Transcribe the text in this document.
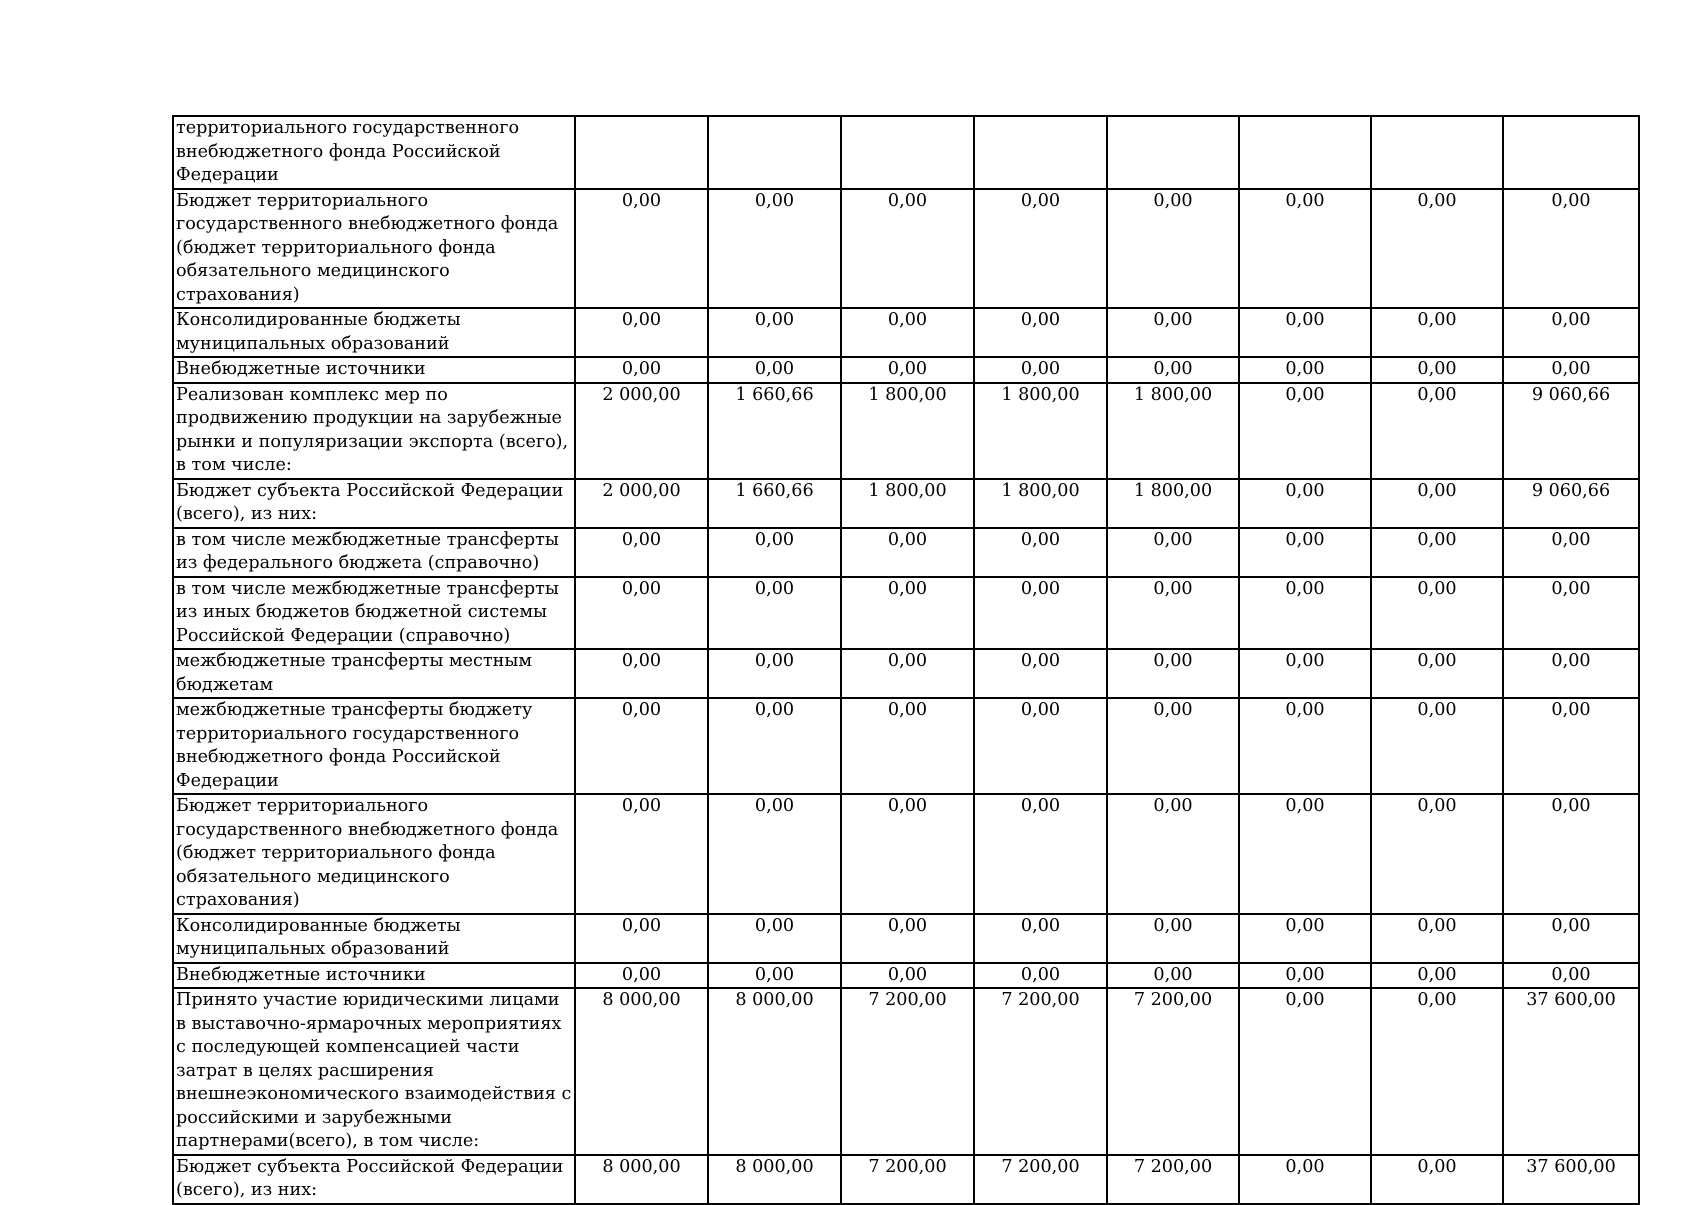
территориального государственного внебюджетного фонда Российской Федерации								
Бюджет территориального государственного внебюджетного фонда (бюджет территориального фонда обязательного медицинского страхования)	0,00	0,00	0,00	0,00	0,00	0,00	0,00	0,00
Консолидированные бюджеты муниципальных образований	0,00	0,00	0,00	0,00	0,00	0,00	0,00	0,00
Внебюджетные источники	0,00	0,00	0,00	0,00	0,00	0,00	0,00	0,00
Реализован комплекс мер по продвижению продукции на зарубежные рынки и популяризации экспорта (всего), в том числе:	2 000,00	1 660,66	1 800,00	1 800,00	1 800,00	0,00	0,00	9 060,66
Бюджет субъекта Российской Федерации (всего), из них:	2 000,00	1 660,66	1 800,00	1 800,00	1 800,00	0,00	0,00	9 060,66
в том числе межбюджетные трансферты из федерального бюджета (справочно)	0,00	0,00	0,00	0,00	0,00	0,00	0,00	0,00
в том числе межбюджетные трансферты из иных бюджетов бюджетной системы Российской Федерации (справочно)	0,00	0,00	0,00	0,00	0,00	0,00	0,00	0,00
межбюджетные трансферты местным бюджетам	0,00	0,00	0,00	0,00	0,00	0,00	0,00	0,00
межбюджетные трансферты бюджету территориального государственного внебюджетного фонда Российской Федерации	0,00	0,00	0,00	0,00	0,00	0,00	0,00	0,00
Бюджет территориального государственного внебюджетного фонда (бюджет территориального фонда обязательного медицинского страхования)	0,00	0,00	0,00	0,00	0,00	0,00	0,00	0,00
Консолидированные бюджеты муниципальных образований	0,00	0,00	0,00	0,00	0,00	0,00	0,00	0,00
Внебюджетные источники	0,00	0,00	0,00	0,00	0,00	0,00	0,00	0,00
Принято участие юридическими лицами в выставочно-ярмарочных мероприятиях с последующей компенсацией части затрат в целях расширения внешнеэкономического взаимодействия с российскими и зарубежными партнерами(всего), в том числе:	8 000,00	8 000,00	7 200,00	7 200,00	7 200,00	0,00	0,00	37 600,00
Бюджет субъекта Российской Федерации (всего), из них:	8 000,00	8 000,00	7 200,00	7 200,00	7 200,00	0,00	0,00	37 600,00
